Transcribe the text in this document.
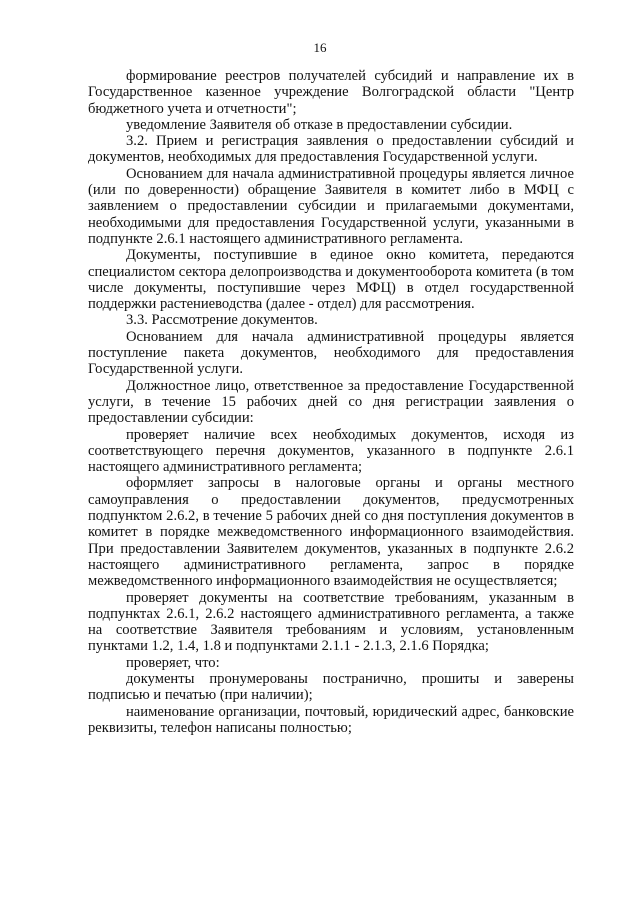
16

формирование реестров получателей субсидий и направление их в Государственное казенное учреждение Волгоградской области "Центр бюджетного учета и отчетности";

уведомление Заявителя об отказе в предоставлении субсидии.

3.2. Прием и регистрация заявления о предоставлении субсидий и документов, необходимых для предоставления Государственной услуги.

Основанием для начала административной процедуры является личное (или по доверенности) обращение Заявителя в комитет либо в МФЦ с заявлением о предоставлении субсидии и прилагаемыми документами, необходимыми для предоставления Государственной услуги, указанными в подпункте 2.6.1 настоящего административного регламента.

Документы, поступившие в единое окно комитета, передаются специалистом сектора делопроизводства и документооборота комитета (в том числе документы, поступившие через МФЦ) в отдел государственной поддержки растениеводства (далее - отдел) для рассмотрения.

3.3. Рассмотрение документов.

Основанием для начала административной процедуры является поступление пакета документов, необходимого для предоставления Государственной услуги.

Должностное лицо, ответственное за предоставление Государственной услуги, в течение 15 рабочих дней со дня регистрации заявления о предоставлении субсидии:

проверяет наличие всех необходимых документов, исходя из соответствующего перечня документов, указанного в подпункте 2.6.1 настоящего административного регламента;

оформляет запросы в налоговые органы и органы местного самоуправления о предоставлении документов, предусмотренных подпунктом 2.6.2, в течение 5 рабочих дней со дня поступления документов в комитет в порядке межведомственного информационного взаимодействия. При предоставлении Заявителем документов, указанных в подпункте 2.6.2 настоящего административного регламента, запрос в порядке межведомственного информационного взаимодействия не осуществляется;

проверяет документы на соответствие требованиям, указанным в подпунктах 2.6.1, 2.6.2 настоящего административного регламента, а также на соответствие Заявителя требованиям и условиям, установленным пунктами 1.2, 1.4, 1.8 и подпунктами 2.1.1 - 2.1.3, 2.1.6 Порядка;

проверяет, что:

документы пронумерованы постранично, прошиты и заверены подписью и печатью (при наличии);

наименование организации, почтовый, юридический адрес, банковские реквизиты, телефон написаны полностью;
